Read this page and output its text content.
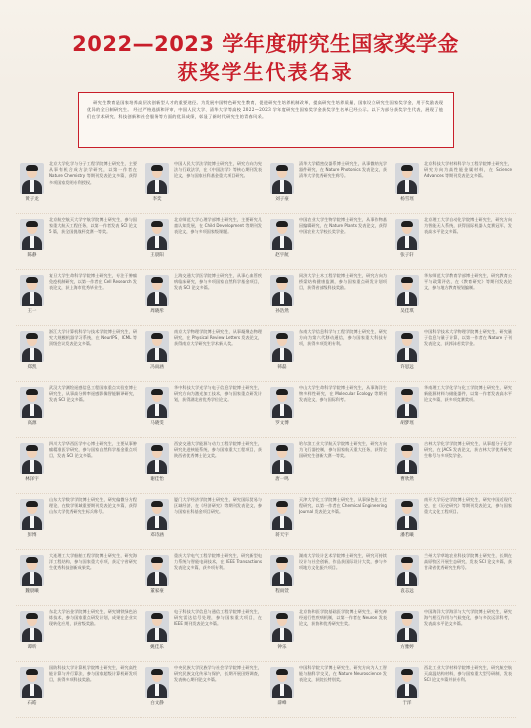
2022—2023 学年度研究生国家奖学金
获奖学生代表名录
研究生教育是国家培养高层次创新型人才的重要途径。为发展中国特色研究生教育，促进研究生培养机制改革，提高研究生培养质量，国家设立研究生国家奖学金，用于奖励表现优异的全日制研究生。 经过严格选拔和评审，中国人民大学、清华大学等高校 2022—2023 学年度研究生国家奖学金获奖学生名单已经公示。以下为部分获奖学生代表，展现了他们在学术研究、科技创新和社会服务等方面的优异成绩，彰显了新时代研究生的青春风采。
黄子龙
北京大学化学与分子工程学院博士研究生，主要从事有机合成方法学研究，以第一作者在 Nature Chemistry 等期刊发表论文多篇，获得多项国家发明专利授权。
李奕
中国人民大学法学院博士研究生，研究方向为宪法与行政法学，在《中国法学》等核心期刊发表论文，参与国家社科基金重大项目研究。
刘子豪
清华大学精密仪器系博士研究生，从事微纳光学器件研究，在 Nature Photonics 发表论文，获清华大学优秀研究生称号。
杨雪瑶
北京科技大学材料科学与工程学院博士研究生，研究方向为高性能金属材料，在 Science Advances 等期刊发表论文多篇。
陈静
北京航空航天大学宇航学院博士研究生，参与国家重大航天工程任务，以第一作者发表 SCI 论文 5 篇，获全国挑战杯竞赛一等奖。
王晨阳
北京师范大学心理学部博士研究生，主要研究儿童认知发展，在 Child Development 等期刊发表论文，参与多项国家级课题。
赵宇航
中国农业大学生物学院博士研究生，从事作物基因编辑研究，在 Nature Plants 发表论文，获得中国农业大学校长奖学金。
张子轩
北京理工大学自动化学院博士研究生，研究方向为智能无人系统，获得国际机器人竞赛冠军，发表高水平论文多篇。
王一
复旦大学生命科学学院博士研究生，专注于肿瘤免疫机制研究，以第一作者在 Cell Research 发表论文，获上海市优秀毕业生。
周晓彤
上海交通大学医学院博士研究生，从事心血管疾病临床研究，参与多项国家自然科学基金项目，发表 SCI 论文多篇。
孙浩然
同济大学土木工程学院博士研究生，研究方向为桥梁结构健康监测，参与国家重点研发计划项目，获得省部级科技奖励。
吴佳琪
华东师范大学教育学部博士研究生，研究教育公平与政策评估，在《教育研究》等期刊发表论文，参与地方教育规划编制。
郑凯
浙江大学计算机科学与技术学院博士研究生，研究大规模机器学习系统，在 NeurIPS、ICML 等顶级会议发表论文多篇。
冯雨涵
南京大学物理学院博士研究生，从事凝聚态物理研究，在 Physical Review Letters 发表论文，获得南京大学研究生学术新人奖。
韩磊
东南大学信息科学与工程学院博士研究生，研究方向为第六代移动通信，参与国家重大科技专项，获得多项发明专利。
许思远
中国科学技术大学物理学院博士研究生，研究量子信息与量子计算，以第一作者在 Nature 子刊发表论文，获郭沫若奖学金。
高源
武汉大学测绘遥感信息工程国家重点实验室博士研究生，从事高分辨率遥感影像智能解译研究，发表 SCI 论文多篇。
马晓雯
华中科技大学光学与电子信息学院博士研究生，研究方向为激光加工技术，参与国家重点研发计划，获得湖北省优秀学位论文。
罗文博
中山大学生命科学学院博士研究生，从事海洋生物多样性研究，在 Molecular Ecology 等期刊发表论文，参与国际科考。
胡梦瑶
华南理工大学化学与化工学院博士研究生，研究新能源材料与储能器件，以第一作者发表高水平论文多篇，获多项竞赛奖项。
林泽宇
四川大学华西医学中心博士研究生，主要从事肿瘤精准医学研究，参与国家自然科学基金重点项目，发表 SCI 论文多篇。
谢佳怡
西安交通大学能源与动力工程学院博士研究生，研究先进核能系统，参与国家重大工程项目，获陕西省优秀博士论文奖。
唐一鸣
哈尔滨工业大学航天学院博士研究生，研究方向为飞行器控制，参与国家航天重大任务，获得全国研究生创新大赛一等奖。
曹欣然
吉林大学化学学院博士研究生，从事超分子化学研究，在 JACS 发表论文，获吉林大学优秀研究生称号与多项奖学金。
彭博
山东大学数学学院博士研究生，研究偏微分方程理论，在数学领域重要期刊发表论文多篇，获得山东大学优秀研究生标兵称号。
邓诗涵
厦门大学经济学院博士研究生，研究国际贸易与区域经济，在《经济研究》等期刊发表论文，参与国家社科基金项目研究。
蒋天宇
天津大学化工学院博士研究生，从事绿色化工过程研究，以第一作者在 Chemical Engineering Journal 发表论文多篇。
潘若曦
南开大学历史学院博士研究生，研究中国近现代史，在《历史研究》等期刊发表论文，参与国家重大文化工程项目。
魏晨曦
大连理工大学船舶工程学院博士研究生，研究海洋工程结构，参与国家重大专项，获辽宁省研究生优秀科技创新成果奖。
董家豪
重庆大学电气工程学院博士研究生，研究新型电力系统与智能电网技术，在 IEEE Transactions 发表论文多篇，获多项专利。
程雨萱
湖南大学设计艺术学院博士研究生，研究可持续设计与社会创新，作品获国际设计大奖，参与多项地方文化振兴项目。
袁志远
兰州大学草地农业科技学院博士研究生，长期在高原牧区开展生态研究，发表 SCI 论文多篇，获甘肃省优秀研究生称号。
谭昕
东北大学冶金学院博士研究生，研究钢铁绿色冶炼技术，参与国家重点研发计划，成果在企业实现转化应用，获省级奖励。
姚佳乐
电子科技大学信息与通信工程学院博士研究生，研究雷达信号处理，参与国家重大项目，在 IEEE 期刊发表论文多篇。
钟乐
北京协和医学院基础医学院博士研究生，研究神经退行性疾病机制，以第一作者在 Neuron 发表论文，获协和优秀研究生奖。
方雅婷
中国海洋大学海洋与大气学院博士研究生，研究海气相互作用与气候变化，参与多次远洋科考，发表高水平论文多篇。
石皓
国防科技大学计算机学院博士研究生，研究高性能计算与并行算法，参与国家超级计算机研发项目，获得多项科技奖励。
白文静
中央民族大学民族学与社会学学院博士研究生，研究民族文化传承与保护，长期开展田野调查，发表核心期刊论文多篇。
薛峰
中国科学院大学博士研究生，研究方向为人工智能与脑科学交叉，在 Nature Neuroscience 发表论文，获院长特别奖。
于洋
西北工业大学材料学院博士研究生，研究航空航天高温结构材料，参与国家重大型号研制，发表 SCI 论文多篇并获专利。
